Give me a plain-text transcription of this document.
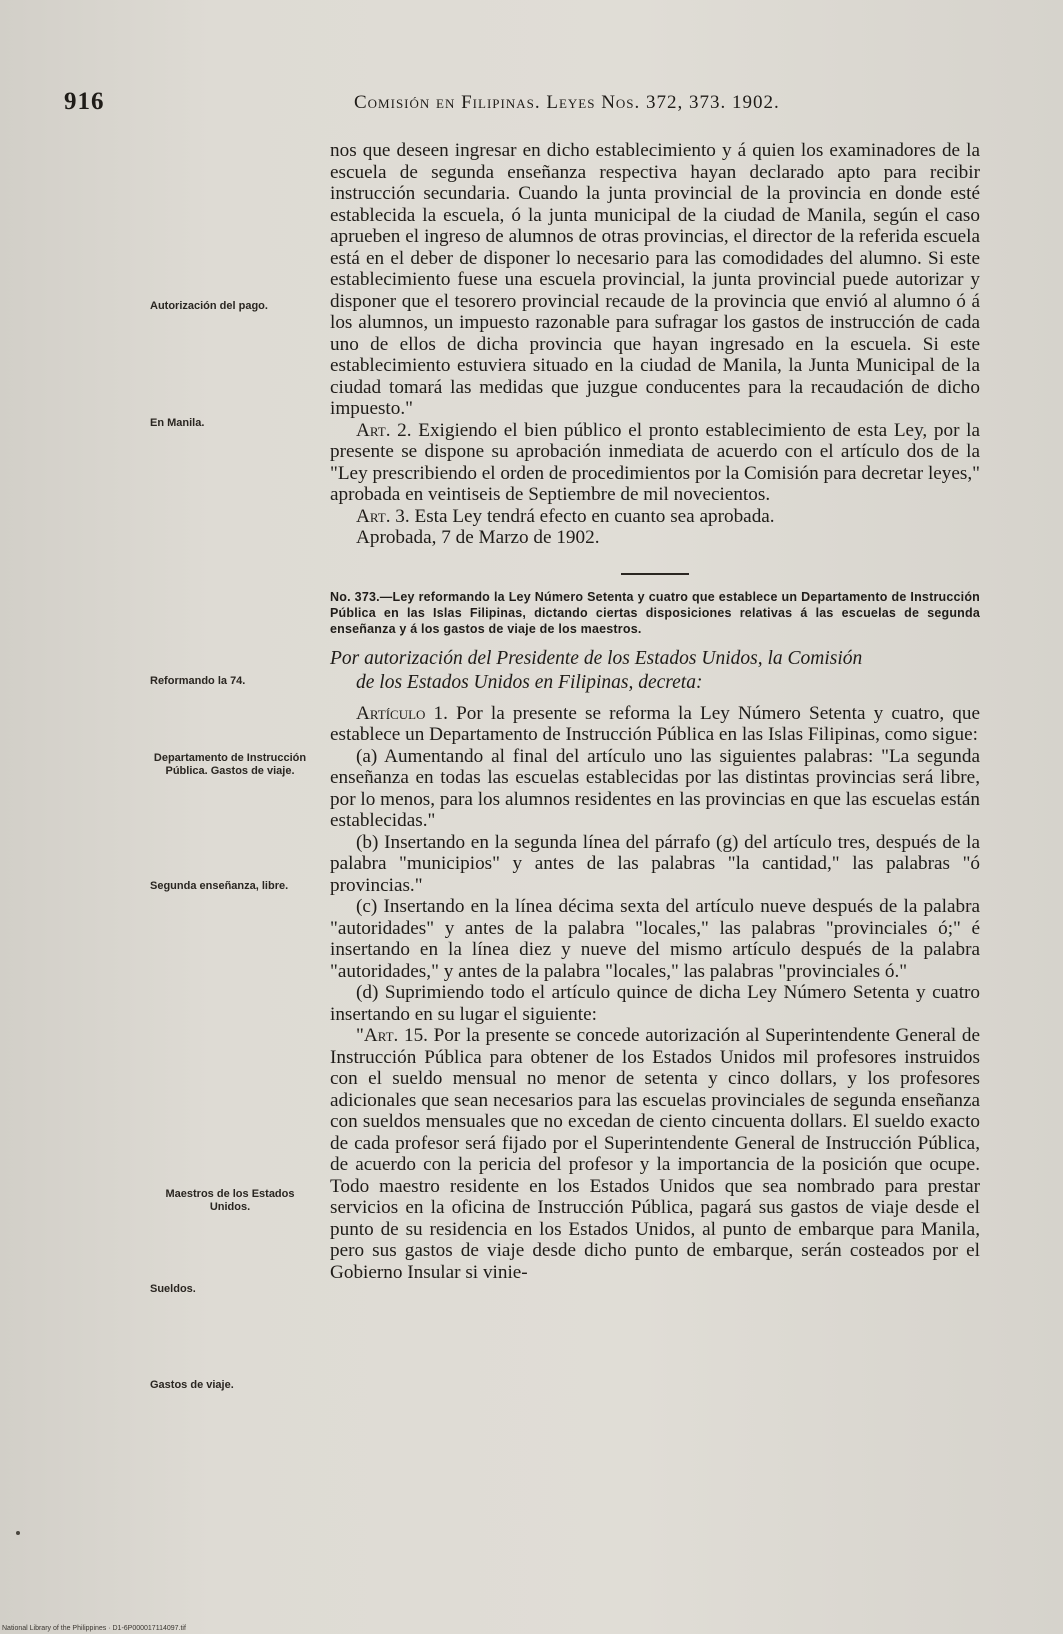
916	Comisión en Filipinas. Leyes Nos. 372, 373. 1902.
Autorización del pago.
En Manila.
Reformando la 74.
Departamento de Instrucción Pública. Gastos de viaje.
Segunda enseñanza, libre.
Maestros de los Estados Unidos.
Sueldos.
Gastos de viaje.

nos que deseen ingresar en dicho establecimiento y á quien los examinadores de la escuela de segunda enseñanza respectiva hayan declarado apto para recibir instrucción secundaria. Cuando la junta provincial de la provincia en donde esté establecida la escuela, ó la junta municipal de la ciudad de Manila, según el caso aprueben el ingreso de alumnos de otras provincias, el director de la referida escuela está en el deber de disponer lo necesario para las comodidades del alumno. Si este establecimiento fuese una escuela provincial, la junta provincial puede autorizar y disponer que el tesorero provincial recaude de la provincia que envió al alumno ó á los alumnos, un impuesto razonable para sufragar los gastos de instrucción de cada uno de ellos de dicha provincia que hayan ingresado en la escuela. Si este establecimiento estuviera situado en la ciudad de Manila, la Junta Municipal de la ciudad tomará las medidas que juzgue conducentes para la recaudación de dicho impuesto."

Art. 2. Exigiendo el bien público el pronto establecimiento de esta Ley, por la presente se dispone su aprobación inmediata de acuerdo con el artículo dos de la "Ley prescribiendo el orden de procedimientos por la Comisión para decretar leyes," aprobada en veintiseis de Septiembre de mil novecientos.

Art. 3. Esta Ley tendrá efecto en cuanto sea aprobada.

Aprobada, 7 de Marzo de 1902.

No. 373.—Ley reformando la Ley Número Setenta y cuatro que establece un Departamento de Instrucción Pública en las Islas Filipinas, dictando ciertas disposiciones relativas á las escuelas de segunda enseñanza y á los gastos de viaje de los maestros.

Por autorización del Presidente de los Estados Unidos, la Comisión
de los Estados Unidos en Filipinas, decreta:

Artículo 1. Por la presente se reforma la Ley Número Setenta y cuatro, que establece un Departamento de Instrucción Pública en las Islas Filipinas, como sigue:

(a) Aumentando al final del artículo uno las siguientes palabras: "La segunda enseñanza en todas las escuelas establecidas por las distintas provincias será libre, por lo menos, para los alumnos residentes en las provincias en que las escuelas están establecidas."

(b) Insertando en la segunda línea del párrafo (g) del artículo tres, después de la palabra "municipios" y antes de las palabras "la cantidad," las palabras "ó provincias."

(c) Insertando en la línea décima sexta del artículo nueve después de la palabra "autoridades" y antes de la palabra "locales," las palabras "provinciales ó;" é insertando en la línea diez y nueve del mismo artículo después de la palabra "autoridades," y antes de la palabra "locales," las palabras "provinciales ó."

(d) Suprimiendo todo el artículo quince de dicha Ley Número Setenta y cuatro insertando en su lugar el siguiente:

"Art. 15. Por la presente se concede autorización al Superintendente General de Instrucción Pública para obtener de los Estados Unidos mil profesores instruidos con el sueldo mensual no menor de setenta y cinco dollars, y los profesores adicionales que sean necesarios para las escuelas provinciales de segunda enseñanza con sueldos mensuales que no excedan de ciento cincuenta dollars. El sueldo exacto de cada profesor será fijado por el Superintendente General de Instrucción Pública, de acuerdo con la pericia del profesor y la importancia de la posición que ocupe. Todo maestro residente en los Estados Unidos que sea nombrado para prestar servicios en la oficina de Instrucción Pública, pagará sus gastos de viaje desde el punto de su residencia en los Estados Unidos, al punto de embarque para Manila, pero sus gastos de viaje desde dicho punto de embarque, serán costeados por el Gobierno Insular si vinie-

National Library of the Philippines · D1-6P000017114097.tif
